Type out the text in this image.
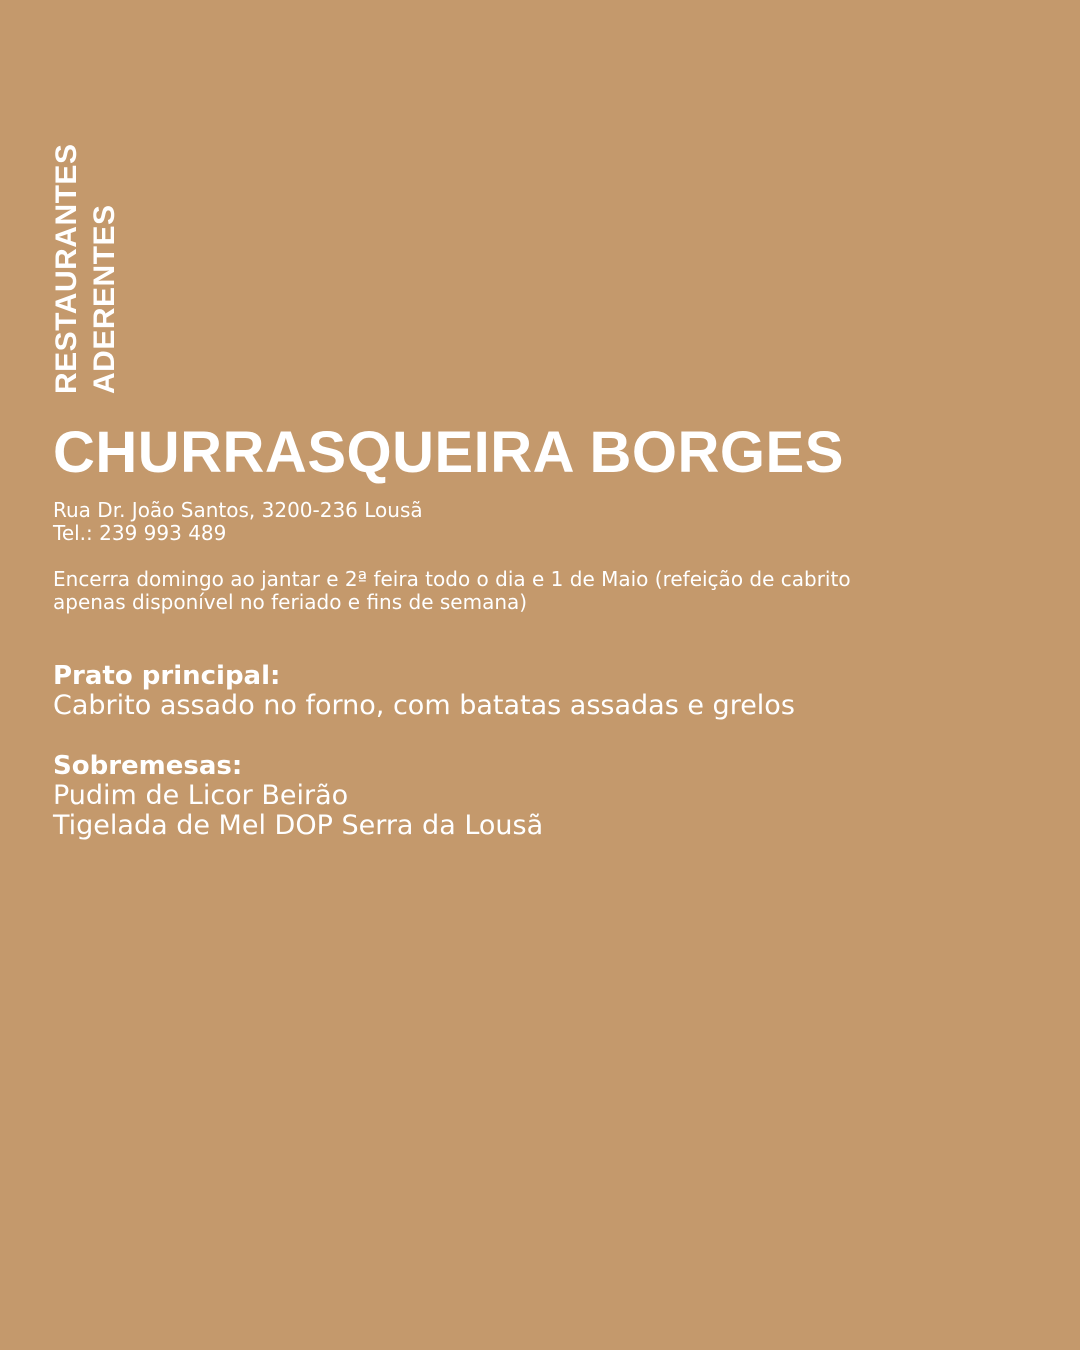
RESTAURANTES ADERENTES
CHURRASQUEIRA BORGES
Rua Dr. João Santos, 3200-236 Lousã
Tel.: 239 993 489
Encerra domingo ao jantar e 2ª feira todo o dia e 1 de Maio (refeição de cabrito
apenas disponível no feriado e fins de semana)
Prato principal:
Cabrito assado no forno, com batatas assadas e grelos
Sobremesas:
Pudim de Licor Beirão
Tigelada de Mel DOP Serra da Lousã
